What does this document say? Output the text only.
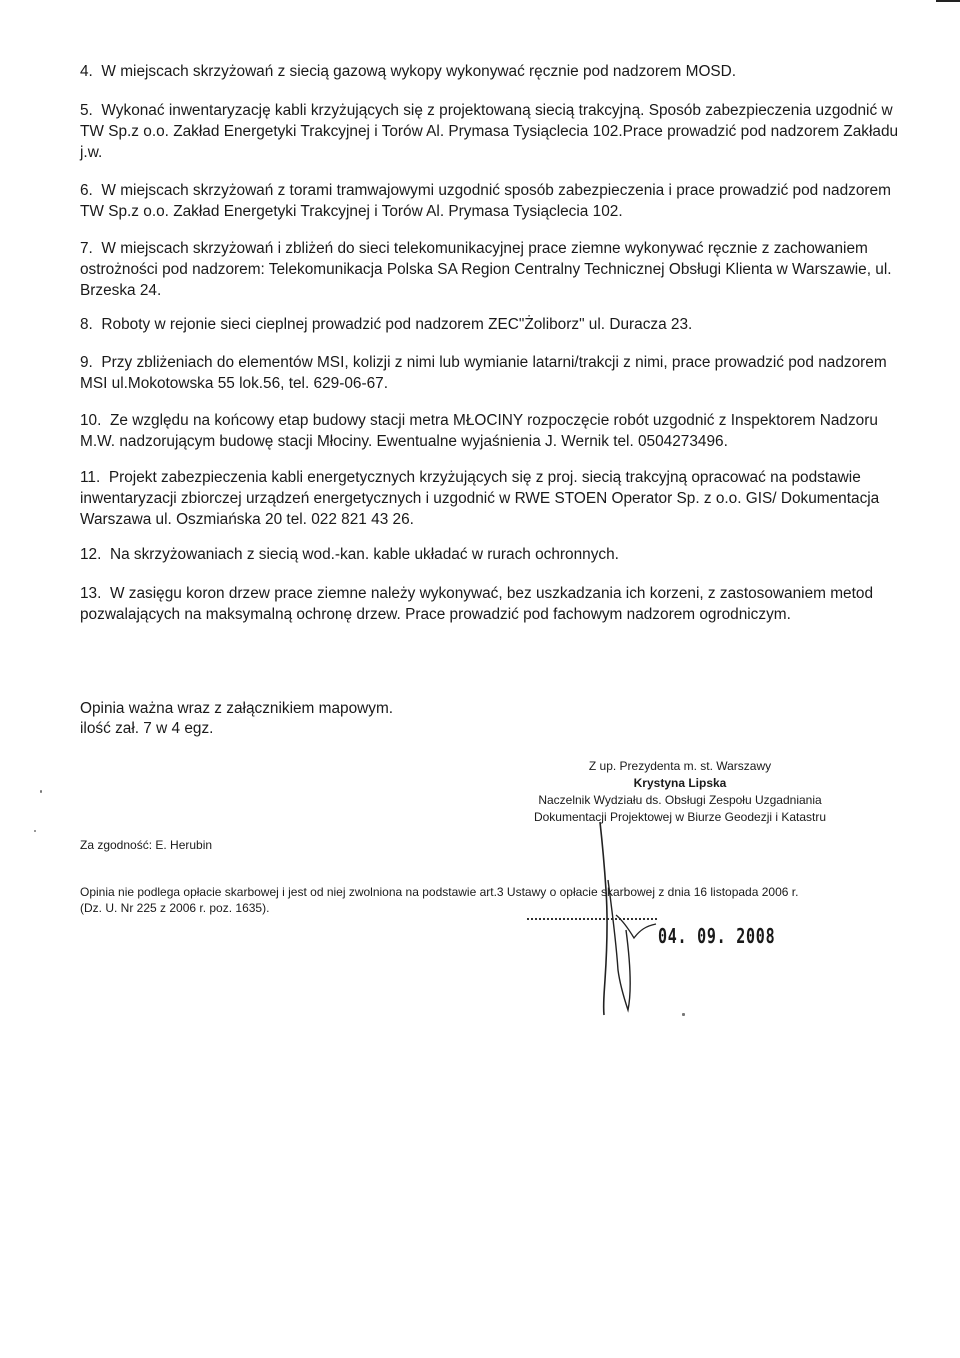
4. W miejscach skrzyżowań z siecią gazową wykopy wykonywać ręcznie pod nadzorem MOSD.

5. Wykonać inwentaryzację kabli krzyżujących się z projektowaną siecią trakcyjną. Sposób zabezpieczenia uzgodnić w TW Sp.z o.o. Zakład Energetyki Trakcyjnej i Torów Al. Prymasa Tysiąclecia 102.Prace prowadzić pod nadzorem Zakładu j.w.

6. W miejscach skrzyżowań z torami tramwajowymi uzgodnić sposób zabezpieczenia i prace prowadzić pod nadzorem TW Sp.z o.o. Zakład Energetyki Trakcyjnej i Torów Al. Prymasa Tysiąclecia 102.

7. W miejscach skrzyżowań i zbliżeń do sieci telekomunikacyjnej prace ziemne wykonywać ręcznie z zachowaniem ostrożności pod nadzorem: Telekomunikacja Polska SA Region Centralny Technicznej Obsługi Klienta w Warszawie, ul. Brzeska 24.

8. Roboty w rejonie sieci cieplnej prowadzić pod nadzorem ZEC"Żoliborz" ul. Duracza 23.

9. Przy zbliżeniach do elementów MSI, kolizji z nimi lub wymianie latarni/trakcji z nimi, prace prowadzić pod nadzorem MSI ul.Mokotowska 55 lok.56, tel. 629-06-67.

10. Ze względu na końcowy etap budowy stacji metra MŁOCINY rozpoczęcie robót uzgodnić z Inspektorem Nadzoru M.W. nadzorującym budowę stacji Młociny. Ewentualne wyjaśnienia J. Wernik tel. 0504273496.

11. Projekt zabezpieczenia kabli energetycznych krzyżujących się z proj. siecią trakcyjną opracować na podstawie inwentaryzacji zbiorczej urządzeń energetycznych i uzgodnić w RWE STOEN Operator Sp. z o.o. GIS/ Dokumentacja Warszawa ul. Oszmiańska 20 tel. 022 821 43 26.

12. Na skrzyżowaniach z siecią wod.-kan. kable układać w rurach ochronnych.

13. W zasięgu koron drzew prace ziemne należy wykonywać, bez uszkadzania ich korzeni, z zastosowaniem metod pozwalających na maksymalną ochronę drzew. Prace prowadzić pod fachowym nadzorem ogrodniczym.

Opinia ważna wraz z załącznikiem mapowym.

ilość zał. 7 w 4 egz.

Z up. Prezydenta m. st. Warszawy
Krystyna Lipska
Naczelnik Wydziału ds. Obsługi Zespołu Uzgadniania
Dokumentacji Projektowej w Biurze Geodezji i Katastru

Za zgodność: E. Herubin

Opinia nie podlega opłacie skarbowej i jest od niej zwolniona na podstawie art.3 Ustawy o opłacie skarbowej z dnia 16 listopada 2006 r.

(Dz. U. Nr 225 z 2006 r. poz. 1635).

04. 09. 2008
